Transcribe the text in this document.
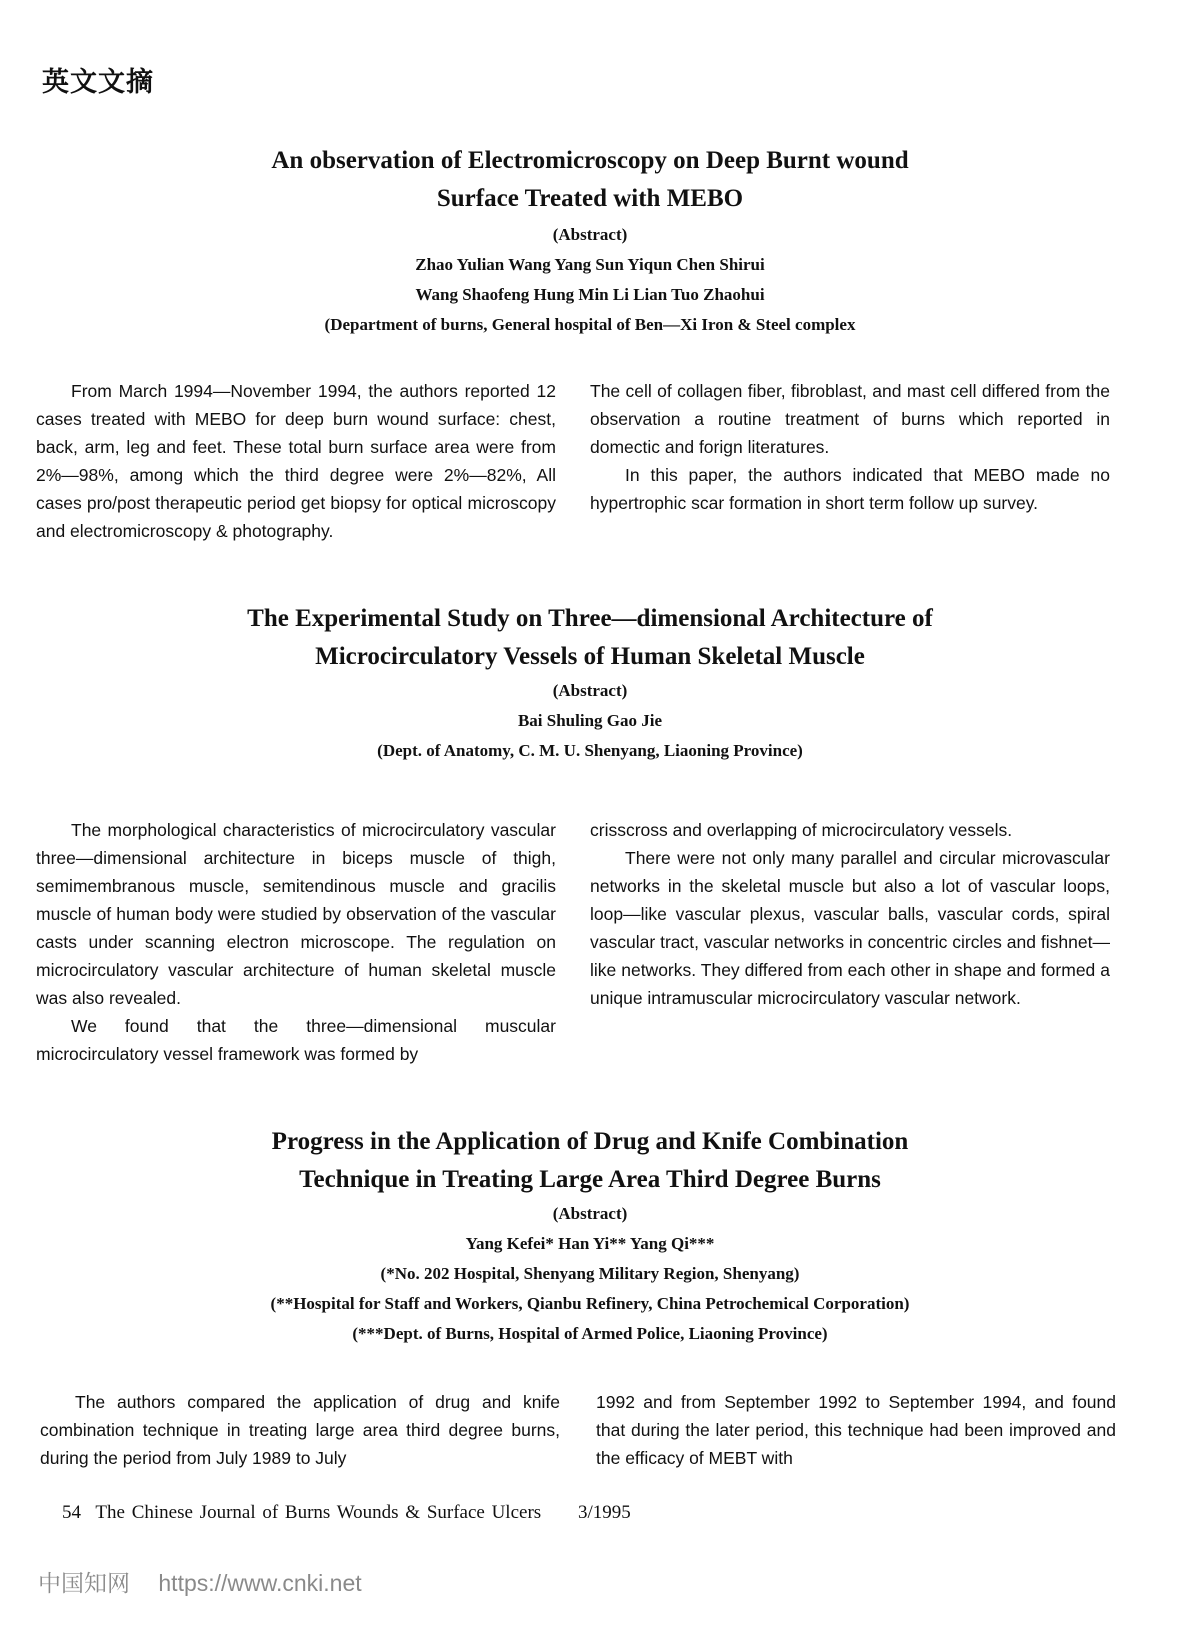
英文文摘
An observation of Electromicroscopy on Deep Burnt wound
Surface Treated with MEBO
(Abstract)
Zhao Yulian Wang Yang Sun Yiqun Chen Shirui
Wang Shaofeng Hung Min Li Lian Tuo Zhaohui
(Department of burns, General hospital of Ben—Xi Iron & Steel complex

From March 1994—November 1994, the authors reported 12 cases treated with MEBO for deep burn wound surface: chest, back, arm, leg and feet. These total burn surface area were from 2%—98%, among which the third degree were 2%—82%, All cases pro/post therapeutic period get biopsy for optical microscopy and electromicroscopy & photography.

The cell of collagen fiber, fibroblast, and mast cell differed from the observation a routine treatment of burns which reported in domectic and forign literatures.

In this paper, the authors indicated that MEBO made no hypertrophic scar formation in short term follow up survey.

The Experimental Study on Three—dimensional Architecture of
Microcirculatory Vessels of Human Skeletal Muscle
(Abstract)
Bai Shuling Gao Jie
(Dept. of Anatomy, C. M. U. Shenyang, Liaoning Province)

The morphological characteristics of microcirculatory vascular three—dimensional architecture in biceps muscle of thigh, semimembranous muscle, semitendinous muscle and gracilis muscle of human body were studied by observation of the vascular casts under scanning electron microscope. The regulation on microcirculatory vascular architecture of human skeletal muscle was also revealed.

We found that the three—dimensional muscular microcirculatory vessel framework was formed by

crisscross and overlapping of microcirculatory vessels.

There were not only many parallel and circular microvascular networks in the skeletal muscle but also a lot of vascular loops, loop—like vascular plexus, vascular balls, vascular cords, spiral vascular tract, vascular networks in concentric circles and fishnet—like networks. They differed from each other in shape and formed a unique intramuscular microcirculatory vascular network.

Progress in the Application of Drug and Knife Combination
Technique in Treating Large Area Third Degree Burns
(Abstract)
Yang Kefei* Han Yi** Yang Qi***
(*No. 202 Hospital, Shenyang Military Region, Shenyang)
(**Hospital for Staff and Workers, Qianbu Refinery, China Petrochemical Corporation)
(***Dept. of Burns, Hospital of Armed Police, Liaoning Province)

The authors compared the application of drug and knife combination technique in treating large area third degree burns, during the period from July 1989 to July

1992 and from September 1992 to September 1994, and found that during the later period, this technique had been improved and the efficacy of MEBT with

54 The Chinese Journal of Burns Wounds & Surface Ulcers 3/1995
中国知网 https://www.cnki.net
